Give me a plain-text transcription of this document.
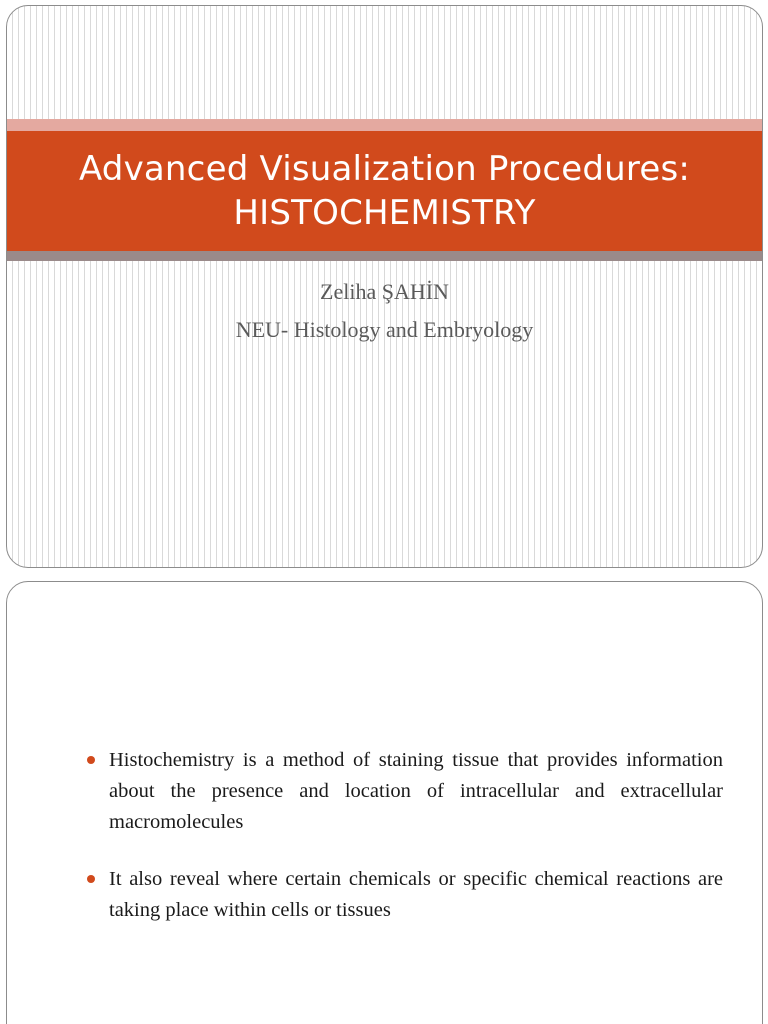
Advanced Visualization Procedures:
HISTOCHEMISTRY
Zeliha ŞAHİN
NEU- Histology and Embryology
Histochemistry is a method of staining tissue that provides information about the presence and location of intracellular and extracellular macromolecules
It also reveal where certain chemicals or specific chemical reactions are taking place within cells or tissues
